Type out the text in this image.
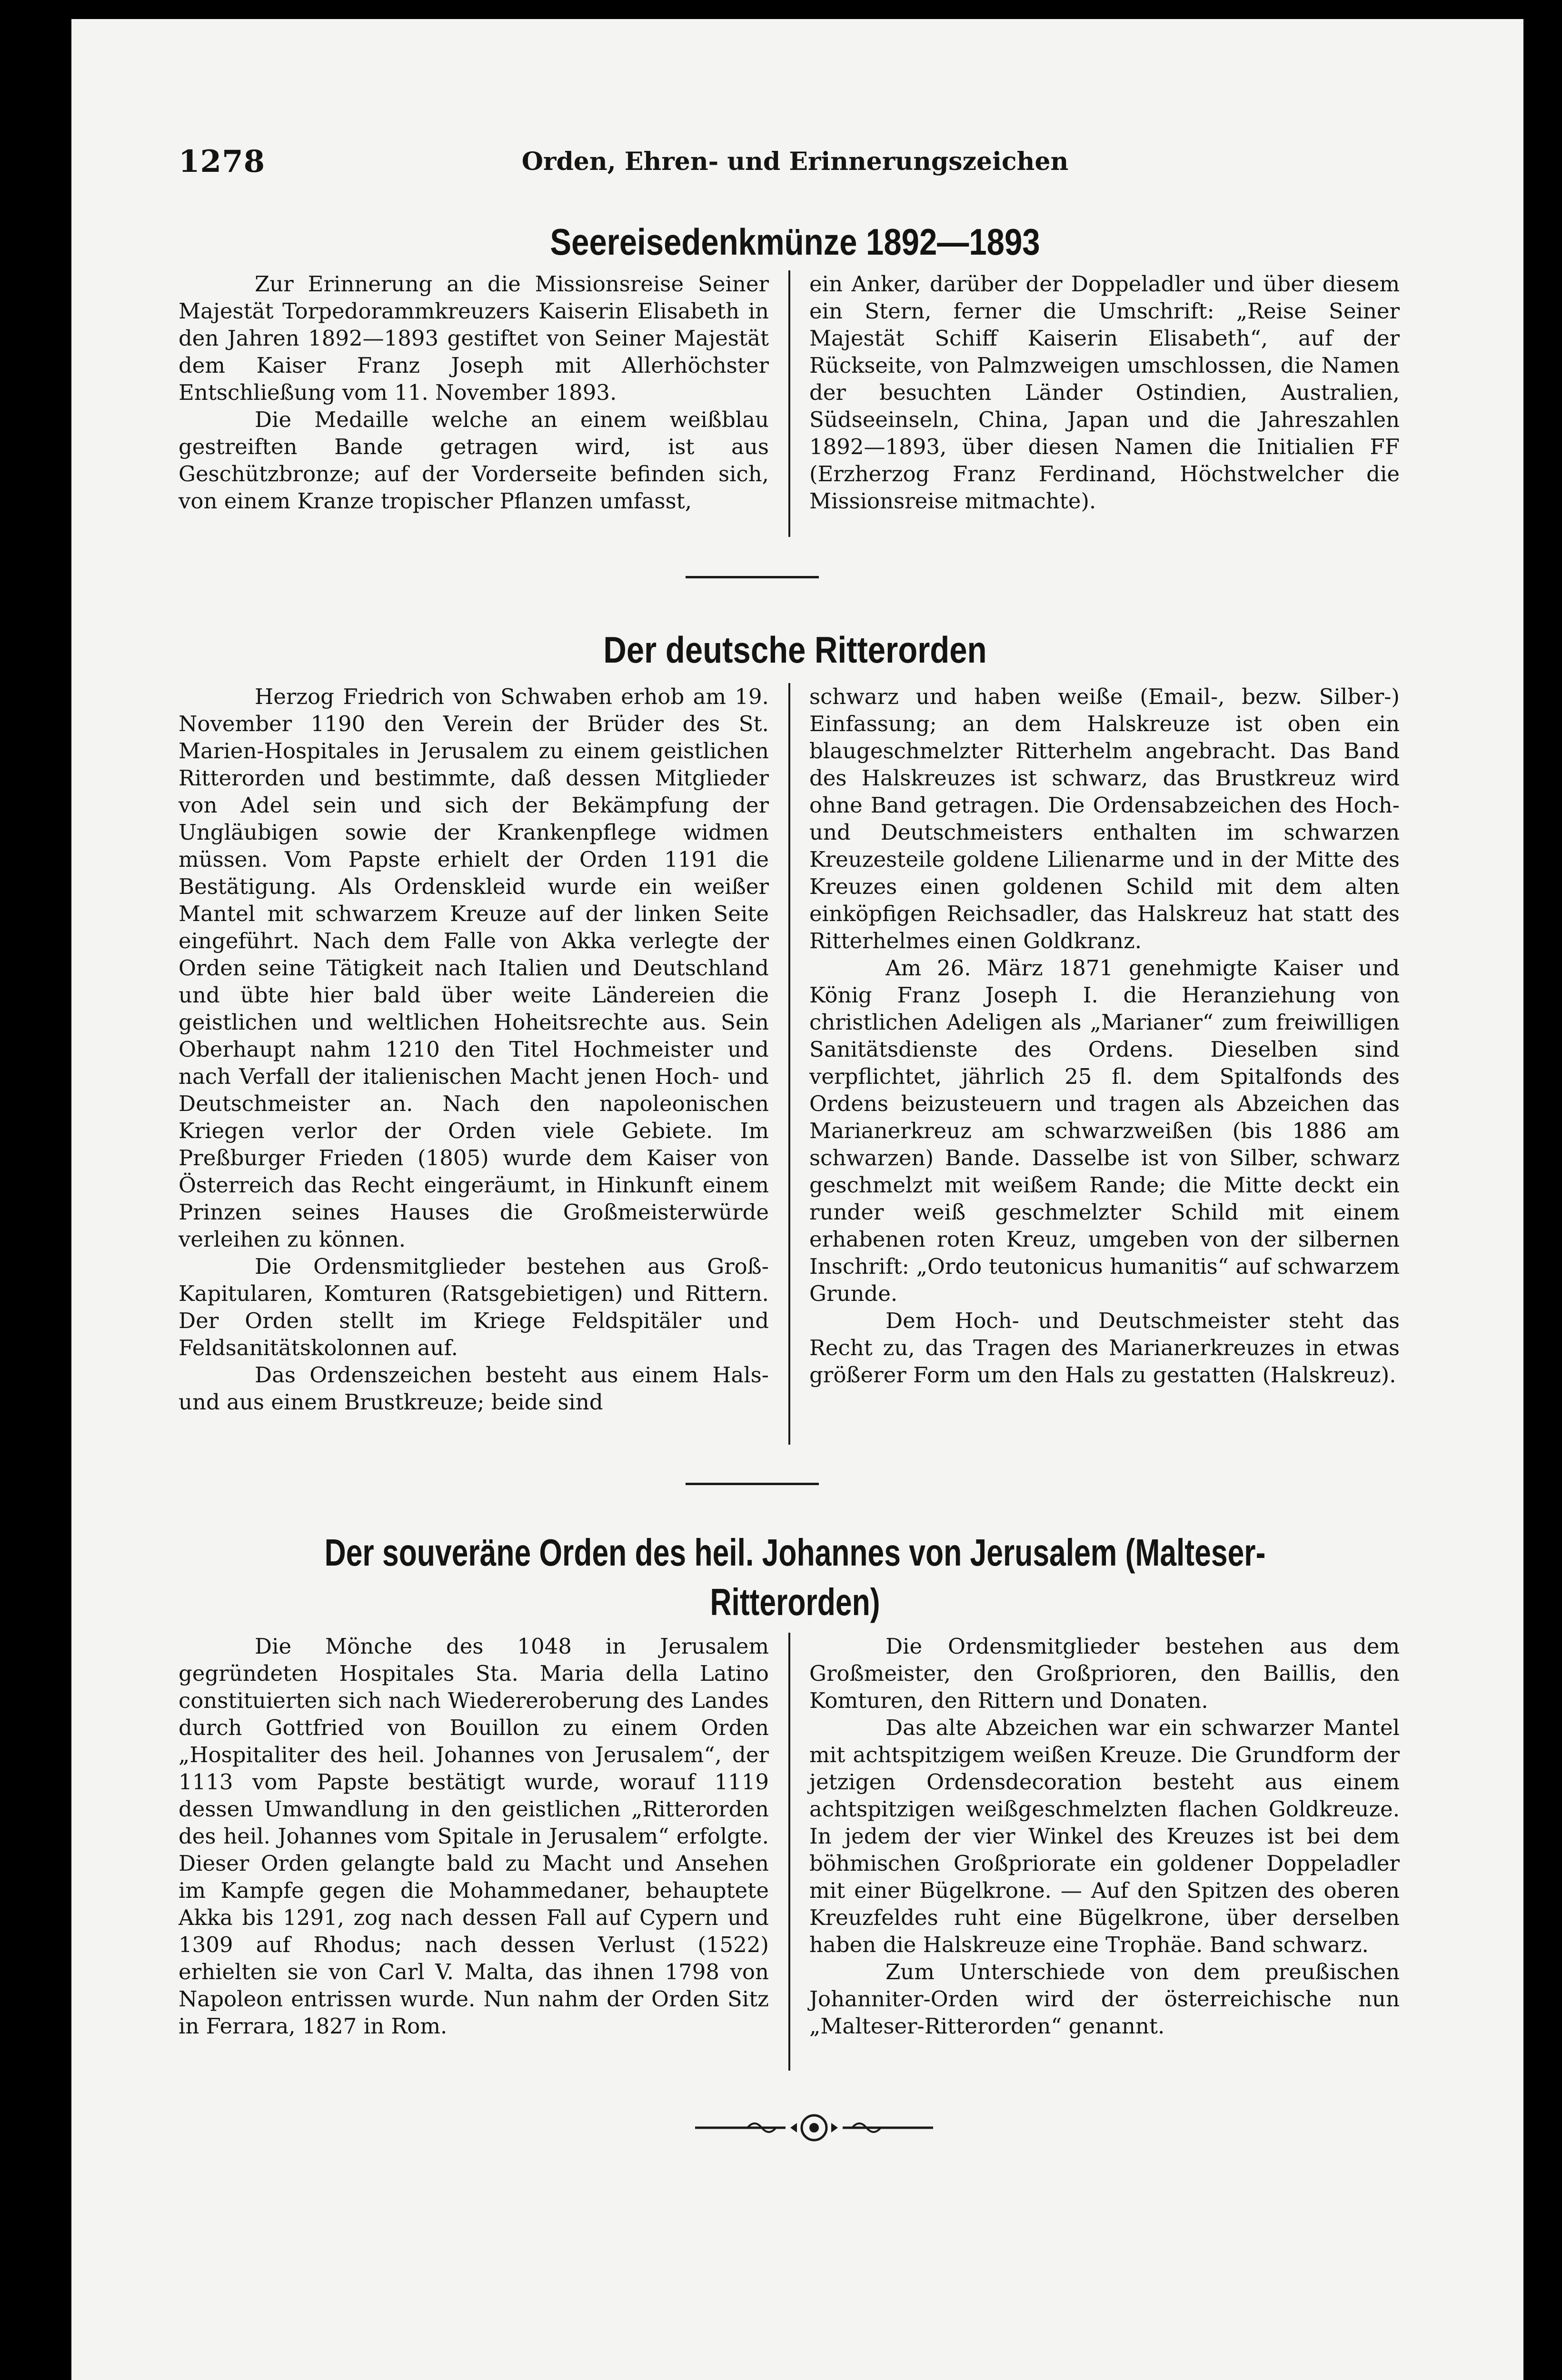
1278	Orden, Ehren- und Erinnerungszeichen
Seereisedenkmünze 1892—1893

Zur Erinnerung an die Missionsreise Seiner Majestät Torpedorammkreuzers Kaiserin Elisabeth in den Jahren 1892—1893 gestiftet von Seiner Majestät dem Kaiser Franz Joseph mit Allerhöchster Entschließung vom 11. November 1893.

Die Medaille welche an einem weißblau gestreiften Bande getragen wird, ist aus Geschützbronze; auf der Vorderseite befinden sich, von einem Kranze tropischer Pflanzen umfasst,

ein Anker, darüber der Doppeladler und über diesem ein Stern, ferner die Umschrift: „Reise Seiner Majestät Schiff Kaiserin Elisabeth“, auf der Rückseite, von Palmzweigen umschlossen, die Namen der besuchten Länder Ostindien, Australien, Südseeinseln, China, Japan und die Jahreszahlen 1892—1893, über diesen Namen die Initialien FF (Erzherzog Franz Ferdinand, Höchstwelcher die Missionsreise mitmachte).

Der deutsche Ritterorden

Herzog Friedrich von Schwaben erhob am 19. November 1190 den Verein der Brüder des St. Marien-Hospitales in Jerusalem zu einem geistlichen Ritterorden und bestimmte, daß dessen Mitglieder von Adel sein und sich der Bekämpfung der Ungläubigen sowie der Krankenpflege widmen müssen. Vom Papste erhielt der Orden 1191 die Bestätigung. Als Ordenskleid wurde ein weißer Mantel mit schwarzem Kreuze auf der linken Seite eingeführt. Nach dem Falle von Akka verlegte der Orden seine Tätigkeit nach Italien und Deutschland und übte hier bald über weite Ländereien die geistlichen und weltlichen Hoheitsrechte aus. Sein Oberhaupt nahm 1210 den Titel Hochmeister und nach Verfall der italienischen Macht jenen Hoch- und Deutschmeister an. Nach den napoleonischen Kriegen verlor der Orden viele Gebiete. Im Preßburger Frieden (1805) wurde dem Kaiser von Österreich das Recht eingeräumt, in Hinkunft einem Prinzen seines Hauses die Großmeisterwürde verleihen zu können.

Die Ordensmitglieder bestehen aus Groß-Kapitularen, Komturen (Ratsgebietigen) und Rittern. Der Orden stellt im Kriege Feldspitäler und Feldsanitätskolonnen auf.

Das Ordenszeichen besteht aus einem Hals- und aus einem Brustkreuze; beide sind

schwarz und haben weiße (Email-, bezw. Silber-) Einfassung; an dem Halskreuze ist oben ein blaugeschmelzter Ritterhelm angebracht. Das Band des Halskreuzes ist schwarz, das Brustkreuz wird ohne Band getragen. Die Ordensabzeichen des Hoch- und Deutschmeisters enthalten im schwarzen Kreuzesteile goldene Lilienarme und in der Mitte des Kreuzes einen goldenen Schild mit dem alten einköpfigen Reichsadler, das Halskreuz hat statt des Ritterhelmes einen Goldkranz.

Am 26. März 1871 genehmigte Kaiser und König Franz Joseph I. die Heranziehung von christlichen Adeligen als „Marianer“ zum freiwilligen Sanitätsdienste des Ordens. Dieselben sind verpflichtet, jährlich 25 fl. dem Spitalfonds des Ordens beizusteuern und tragen als Abzeichen das Marianerkreuz am schwarzweißen (bis 1886 am schwarzen) Bande. Dasselbe ist von Silber, schwarz geschmelzt mit weißem Rande; die Mitte deckt ein runder weiß geschmelzter Schild mit einem erhabenen roten Kreuz, umgeben von der silbernen Inschrift: „Ordo teutonicus humanitis“ auf schwarzem Grunde.

Dem Hoch- und Deutschmeister steht das Recht zu, das Tragen des Marianerkreuzes in etwas größerer Form um den Hals zu gestatten (Halskreuz).

Der souveräne Orden des heil. Johannes von Jerusalem (Malteser-Ritterorden)

Die Mönche des 1048 in Jerusalem gegründeten Hospitales Sta. Maria della Latino constituierten sich nach Wiedereroberung des Landes durch Gottfried von Bouillon zu einem Orden „Hospitaliter des heil. Johannes von Jerusalem“, der 1113 vom Papste bestätigt wurde, worauf 1119 dessen Umwandlung in den geistlichen „Ritterorden des heil. Johannes vom Spitale in Jerusalem“ erfolgte. Dieser Orden gelangte bald zu Macht und Ansehen im Kampfe gegen die Mohammedaner, behauptete Akka bis 1291, zog nach dessen Fall auf Cypern und 1309 auf Rhodus; nach dessen Verlust (1522) erhielten sie von Carl V. Malta, das ihnen 1798 von Napoleon entrissen wurde. Nun nahm der Orden Sitz in Ferrara, 1827 in Rom.

Die Ordensmitglieder bestehen aus dem Großmeister, den Großprioren, den Baillis, den Komturen, den Rittern und Donaten.

Das alte Abzeichen war ein schwarzer Mantel mit achtspitzigem weißen Kreuze. Die Grundform der jetzigen Ordensdecoration besteht aus einem achtspitzigen weißgeschmelzten flachen Goldkreuze. In jedem der vier Winkel des Kreuzes ist bei dem böhmischen Großpriorate ein goldener Doppeladler mit einer Bügelkrone. — Auf den Spitzen des oberen Kreuzfeldes ruht eine Bügelkrone, über derselben haben die Halskreuze eine Trophäe. Band schwarz.

Zum Unterschiede von dem preußischen Johanniter-Orden wird der österreichische nun „Malteser-Ritterorden“ genannt.
